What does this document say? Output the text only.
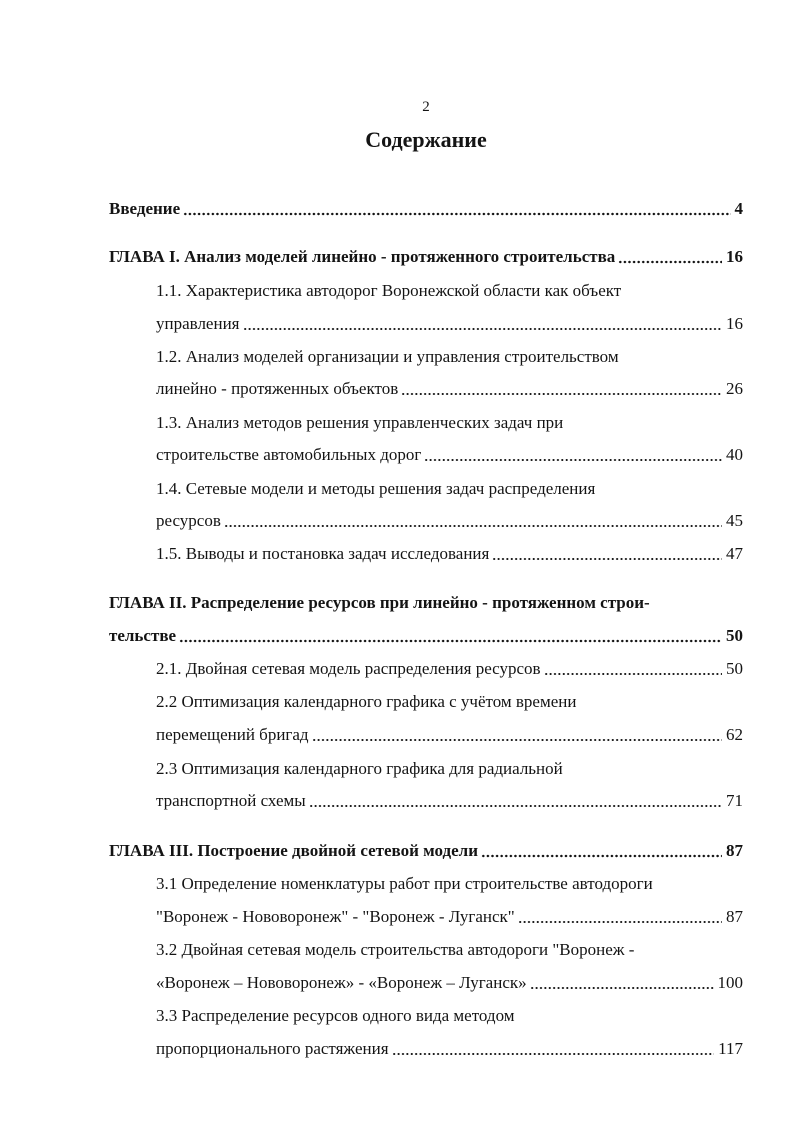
2
Содержание
Введение	4
ГЛАВА I. Анализ моделей линейно - протяженного строительства	16
1.1. Характеристика автодорог Воронежской области как объект
управления	16
1.2. Анализ моделей организации и управления строительством
линейно - протяженных объектов	26
1.3. Анализ методов решения управленческих задач при
строительстве автомобильных дорог	40
1.4. Сетевые модели и методы решения задач распределения
ресурсов	45
1.5. Выводы и постановка задач исследования	47
ГЛАВА II. Распределение ресурсов при линейно - протяженном строи-
тельстве	50
2.1. Двойная сетевая модель распределения ресурсов	50
2.2 Оптимизация календарного графика с учётом времени
перемещений бригад	62
2.3 Оптимизация календарного графика для радиальной
транспортной схемы	71
ГЛАВА III. Построение двойной сетевой модели	87
3.1 Определение номенклатуры работ при строительстве автодороги
"Воронеж - Нововоронеж" - "Воронеж - Луганск"	87
3.2 Двойная сетевая модель строительства автодороги "Воронеж -
«Воронеж – Нововоронеж» - «Воронеж – Луганск»	100
3.3 Распределение ресурсов одного вида методом
пропорционального растяжения	117
